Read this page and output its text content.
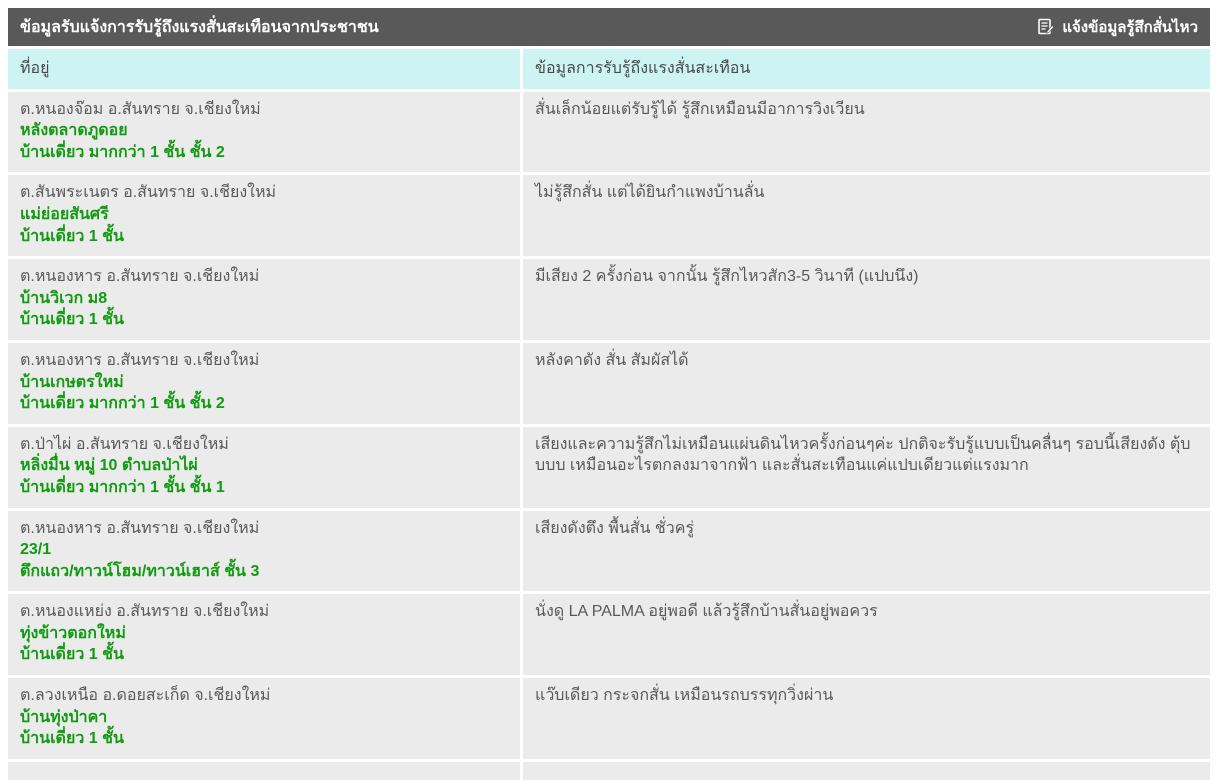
ข้อมูลรับแจ้งการรับรู้ถึงแรงสั่นสะเทือนจากประชาชน	แจ้งข้อมูลรู้สึกสั่นไหว
ที่อยู่	ข้อมูลการรับรู้ถึงแรงสั่นสะเทือน
ต.หนองจ๊อม อ.สันทราย จ.เชียงใหม่
หลังตลาดภูดอย
บ้านเดี่ยว มากกว่า 1 ชั้น ชั้น 2
สั่นเล็กน้อยแต่รับรู้ได้ รู้สึกเหมือนมีอาการวิงเวียน
ต.สันพระเนตร อ.สันทราย จ.เชียงใหม่
แม่ย่อยสันศรี
บ้านเดี่ยว 1 ชั้น
ไม่รู้สึกสั่น แต่ได้ยินกำแพงบ้านลั่น
ต.หนองหาร อ.สันทราย จ.เชียงใหม่
บ้านวิเวก ม8
บ้านเดี่ยว 1 ชั้น
มีเสียง 2 ครั้งก่อน จากนั้น รู้สึกไหวสัก3-5 วินาที (แปบนึง)
ต.หนองหาร อ.สันทราย จ.เชียงใหม่
บ้านเกษตรใหม่
บ้านเดี่ยว มากกว่า 1 ชั้น ชั้น 2
หลังคาดัง สั่น สัมผัสได้
ต.ป่าไผ่ อ.สันทราย จ.เชียงใหม่
หลิ่งมื่น หมู่ 10 ตำบลป่าไผ่
บ้านเดี่ยว มากกว่า 1 ชั้น ชั้น 1
เสียงและความรู้สึกไม่เหมือนแผ่นดินไหวครั้งก่อนๆค่ะ ปกติจะรับรู้แบบเป็นคลื่นๆ รอบนี้เสียงดัง ตุ้บบบบ เหมือนอะไรตกลงมาจากฟ้า และสั่นสะเทือนแค่แปบเดียวแต่แรงมาก
ต.หนองหาร อ.สันทราย จ.เชียงใหม่
23/1
ตึกแถว/ทาวน์โฮม/ทาวน์เฮาส์ ชั้น 3
เสียงดังตึง พื้นสั่น ชั่วครู่
ต.หนองแหย่ง อ.สันทราย จ.เชียงใหม่
ทุ่งข้าวตอกใหม่
บ้านเดี่ยว 1 ชั้น
นั่งดู LA PALMA อยู่พอดี แล้วรู้สึกบ้านสั่นอยู่พอควร
ต.ลวงเหนือ อ.ดอยสะเก็ด จ.เชียงใหม่
บ้านทุ่งป่าคา
บ้านเดี่ยว 1 ชั้น
แว๊บเดียว กระจกสั่น เหมือนรถบรรทุกวิ่งผ่าน
